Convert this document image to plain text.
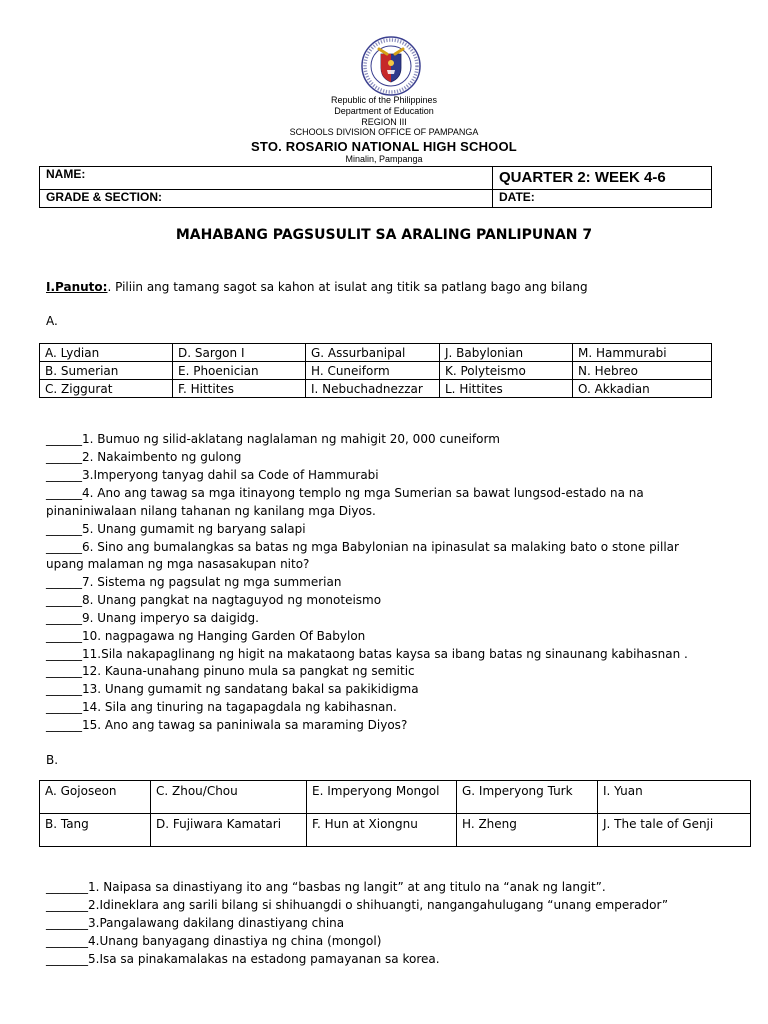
Republic of the Philippines
Department of Education
REGION III
SCHOOLS DIVISION OFFICE OF PAMPANGA
STO. ROSARIO NATIONAL HIGH SCHOOL
Minalin, Pampanga
NAME:	QUARTER 2: WEEK 4-6
GRADE & SECTION:	DATE:
MAHABANG PAGSUSULIT SA ARALING PANLIPUNAN 7
I.Panuto:. Piliin ang tamang sagot sa kahon at isulat ang titik sa patlang bago ang bilang
A.
A. Lydian	D. Sargon I	G. Assurbanipal	J. Babylonian	M. Hammurabi
B. Sumerian	E. Phoenician	H. Cuneiform	K. Polyteismo	N. Hebreo
C. Ziggurat	F. Hittites	I. Nebuchadnezzar	L. Hittites	O. Akkadian
______1. Bumuo ng silid-aklatang naglalaman ng mahigit 20, 000 cuneiform
______2. Nakaimbento ng gulong
______3.Imperyong tanyag dahil sa Code of Hammurabi
______4. Ano ang tawag sa mga itinayong templo ng mga Sumerian sa bawat lungsod-estado na na
pinaniniwalaan nilang tahanan ng kanilang mga Diyos.
______5. Unang gumamit ng baryang salapi
______6. Sino ang bumalangkas sa batas ng mga Babylonian na ipinasulat sa malaking bato o stone pillar
upang malaman ng mga nasasakupan nito?
______7. Sistema ng pagsulat ng mga summerian
______8. Unang pangkat na nagtaguyod ng monoteismo
______9. Unang imperyo sa daigidg.
______10. nagpagawa ng Hanging Garden Of Babylon
______11.Sila nakapaglinang ng higit na makataong batas kaysa sa ibang batas ng sinaunang kabihasnan .
______12. Kauna-unahang pinuno mula sa pangkat ng semitic
______13. Unang gumamit ng sandatang bakal sa pakikidigma
______14. Sila ang tinuring na tagapagdala ng kabihasnan.
______15. Ano ang tawag sa paniniwala sa maraming Diyos?
B.
A. Gojoseon	C. Zhou/Chou	E. Imperyong Mongol	G. Imperyong Turk	I. Yuan
B. Tang	D. Fujiwara Kamatari	F. Hun at Xiongnu	H. Zheng	J. The tale of Genji
_______1. Naipasa sa dinastiyang ito ang “basbas ng langit” at ang titulo na “anak ng langit”.
_______2.Idineklara ang sarili bilang si shihuangdi o shihuangti, nangangahulugang “unang emperador”
_______3.Pangalawang dakilang dinastiyang china
_______4.Unang banyagang dinastiya ng china (mongol)
_______5.Isa sa pinakamalakas na estadong pamayanan sa korea.
